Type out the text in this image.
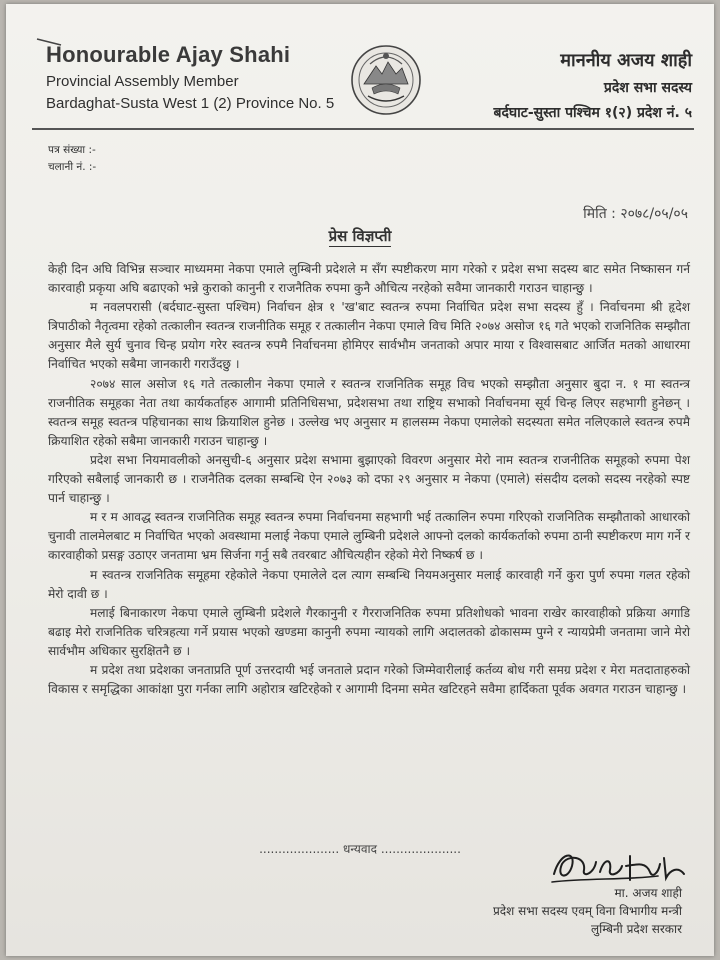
Honourable Ajay Shahi
Provincial Assembly Member
Bardaghat-Susta West 1 (2) Province No. 5
माननीय अजय शाही
प्रदेश सभा सदस्य
बर्दघाट-सुस्ता पश्चिम १(२) प्रदेश नं. ५
पत्र संख्या :-
चलानी नं. :-
मिति : २०७८/०५/०५
प्रेस विज्ञप्ती

केही दिन अघि विभिन्न सञ्चार माध्यममा नेकपा एमाले लुम्बिनी प्रदेशले म सँग स्पष्टीकरण माग गरेको र प्रदेश सभा सदस्य बाट समेत निष्कासन गर्न कारवाही प्रकृया अघि बढाएको भन्ने कुराको कानुनी र राजनैतिक रुपमा कुनै औचित्य नरहेको सवैमा जानकारी गराउन चाहान्छु ।

म नवलपरासी (बर्दघाट-सुस्ता पश्चिम) निर्वाचन क्षेत्र १ 'ख'बाट स्वतन्त्र रुपमा निर्वाचित प्रदेश सभा सदस्य हुँ । निर्वाचनमा श्री हृदेश त्रिपाठीको नैतृत्वमा रहेको तत्कालीन स्वतन्त्र राजनीतिक समूह र तत्कालीन नेकपा एमाले विच मिति २०७४ असोज १६ गते भएको राजनितिक सम्झौता अनुसार मैले सुर्य चुनाव चिन्ह प्रयोग गरेर स्वतन्त्र रुपमै निर्वाचनमा होमिएर सार्वभौम जनताको अपार माया र विश्वासबाट आर्जित मतको आधारमा निर्वाचित भएको सबैमा जानकारी गराउँदछु ।

२०७४ साल असोज १६ गते तत्कालीन नेकपा एमाले र स्वतन्त्र राजनितिक समूह विच भएको सम्झौता अनुसार बुदा न. १ मा स्वतन्त्र राजनीतिक समूहका नेता तथा कार्यकर्ताहरु आगामी प्रतिनिधिसभा, प्रदेशसभा तथा राष्ट्रिय सभाको निर्वाचनमा सूर्य चिन्ह लिएर सहभागी हुनेछन् । स्वतन्त्र समूह स्वतन्त्र पहिचानका साथ क्रियाशिल हुनेछ । उल्लेख भए अनुसार म हालसम्म नेकपा एमालेको सदस्यता समेत नलिएकाले स्वतन्त्र रुपमै क्रियाशित रहेको सबैमा जानकारी गराउन चाहान्छु ।

प्रदेश सभा नियमावलीको अनसुची-६ अनुसार प्रदेश सभामा बुझाएको विवरण अनुसार मेरो नाम स्वतन्त्र राजनीतिक समूहको रुपमा पेश गरिएको सबैलाई जानकारी छ । राजनैतिक दलका सम्बन्धि ऐन २०७३ को दफा २९ अनुसार म नेकपा (एमाले) संसदीय दलको सदस्य नरहेको स्पष्ट पार्न चाहान्छु ।

म र म आवद्ध स्वतन्त्र राजनितिक समूह स्वतन्त्र रुपमा निर्वाचनमा सहभागी भई तत्कालिन रुपमा गरिएको राजनितिक सम्झौताको आधारको चुनावी तालमेलबाट म निर्वाचित भएको अवस्थामा मलाई नेकपा एमाले लुम्बिनी प्रदेशले आफ्नो दलको कार्यकर्ताको रुपमा ठानी स्पष्टीकरण माग गर्ने र कारवाहीको प्रसङ्ग उठाएर जनतामा भ्रम सिर्जना गर्नु सबै तवरबाट औचित्यहीन रहेको मेरो निष्कर्ष छ ।

म स्वतन्त्र राजनितिक समूहमा रहेकोले नेकपा एमालेले दल त्याग सम्बन्धि नियमअनुसार मलाई कारवाही गर्ने कुरा पुर्ण रुपमा गलत रहेको मेरो दावी छ ।

मलाई बिनाकारण नेकपा एमाले लुम्बिनी प्रदेशले गैरकानुनी र गैरराजनितिक रुपमा प्रतिशोधको भावना राखेर कारवाहीको प्रक्रिया अगाडि बढाइ मेरो राजनितिक चरित्रहत्या गर्ने प्रयास भएको खण्डमा कानुनी रुपमा न्यायको लागि अदालतको ढोकासम्म पुग्ने र न्यायप्रेमी जनतामा जाने मेरो सार्वभौम अधिकार सुरक्षितनै छ ।

म प्रदेश तथा प्रदेशका जनताप्रति पूर्ण उत्तरदायी भई जनताले प्रदान गरेको जिम्मेवारीलाई कर्तव्य बोध गरी समग्र प्रदेश र मेरा मतदाताहरुको विकास र समृद्धिका आकांक्षा पुरा गर्नका लागि अहोरात्र खटिरहेको र आगामी दिनमा समेत खटिरहने सवैमा हार्दिकता पूर्वक अवगत गराउन चाहान्छु ।

..................... धन्यवाद .....................
मा. अजय शाही
प्रदेश सभा सदस्य एवम् विना विभागीय मन्त्री
लुम्बिनी प्रदेश सरकार
